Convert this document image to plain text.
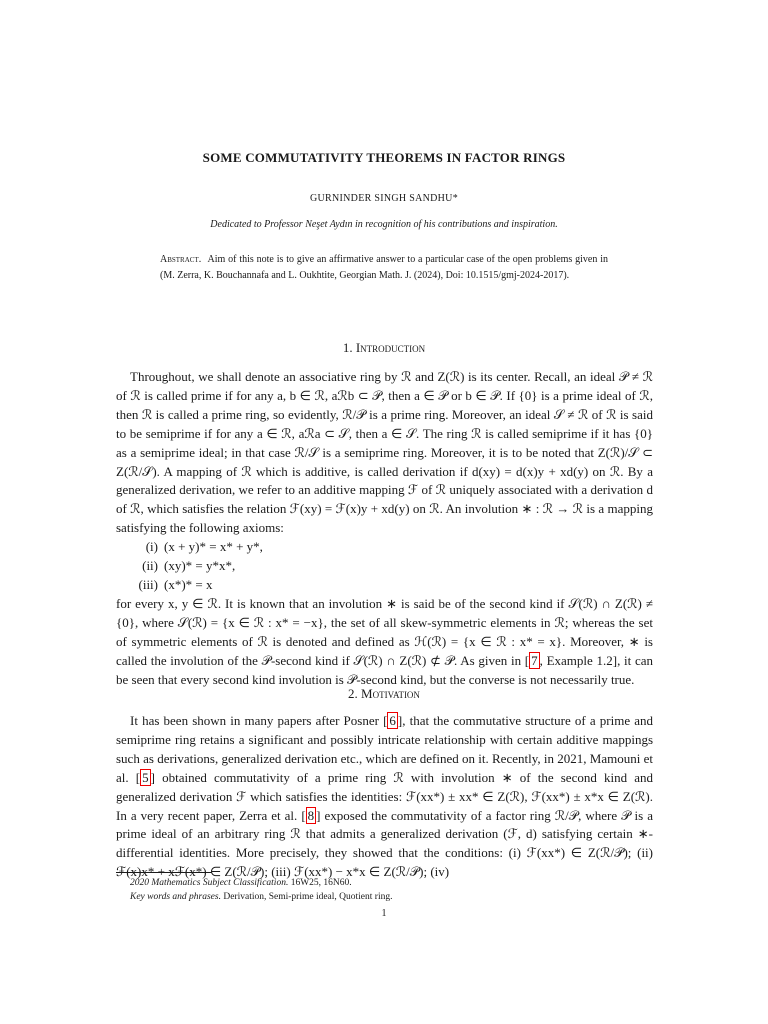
SOME COMMUTATIVITY THEOREMS IN FACTOR RINGS
GURNINDER SINGH SANDHU*
Dedicated to Professor Neşet Aydın in recognition of his contributions and inspiration.
Abstract. Aim of this note is to give an affirmative answer to a particular case of the open problems given in (M. Zerra, K. Bouchannafa and L. Oukhtite, Georgian Math. J. (2024), Doi: 10.1515/gmj-2024-2017).
1. Introduction

Throughout, we shall denote an associative ring by ℛ and Z(ℛ) is its center. Recall, an ideal 𝒫 ≠ ℛ of ℛ is called prime if for any a, b ∈ ℛ, aℛb ⊂ 𝒫, then a ∈ 𝒫 or b ∈ 𝒫. If {0} is a prime ideal of ℛ, then ℛ is called a prime ring, so evidently, ℛ/𝒫 is a prime ring. Moreover, an ideal 𝒮 ≠ ℛ of ℛ is said to be semiprime if for any a ∈ ℛ, aℛa ⊂ 𝒮, then a ∈ 𝒮. The ring ℛ is called semiprime if it has {0} as a semiprime ideal; in that case ℛ/𝒮 is a semiprime ring. Moreover, it is to be noted that Z(ℛ)/𝒮 ⊂ Z(ℛ/𝒮). A mapping of ℛ which is additive, is called derivation if d(xy) = d(x)y + xd(y) on ℛ. By a generalized derivation, we refer to an additive mapping ℱ of ℛ uniquely associated with a derivation d of ℛ, which satisfies the relation ℱ(xy) = ℱ(x)y + xd(y) on ℛ. An involution ∗ : ℛ → ℛ is a mapping satisfying the following axioms:

(i) (x + y)* = x* + y*,
(ii) (xy)* = y*x*,
(iii) (x*)* = x

for every x, y ∈ ℛ. It is known that an involution ∗ is said be of the second kind if 𝒮(ℛ) ∩ Z(ℛ) ≠ {0}, where 𝒮(ℛ) = {x ∈ ℛ : x* = −x}, the set of all skew-symmetric elements in ℛ; whereas the set of symmetric elements of ℛ is denoted and defined as ℋ(ℛ) = {x ∈ ℛ : x* = x}. Moreover, ∗ is called the involution of the 𝒫-second kind if 𝒮(ℛ) ∩ Z(ℛ) ⊄ 𝒫. As given in [ 7 , Example 1.2], it can be seen that every second kind involution is 𝒫-second kind, but the converse is not necessarily true.

2. Motivation

It has been shown in many papers after Posner [ 6 ], that the commutative structure of a prime and semiprime ring retains a significant and possibly intricate relationship with certain additive mappings such as derivations, generalized derivation etc., which are defined on it. Recently, in 2021, Mamouni et al. [ 5 ] obtained commutativity of a prime ring ℛ with involution ∗ of the second kind and generalized derivation ℱ which satisfies the identities: ℱ(xx*) ± xx* ∈ Z(ℛ), ℱ(xx*) ± x*x ∈ Z(ℛ). In a very recent paper, Zerra et al. [ 8 ] exposed the commutativity of a factor ring ℛ/𝒫, where 𝒫 is a prime ideal of an arbitrary ring ℛ that admits a generalized derivation (ℱ, d) satisfying certain ∗-differential identities. More precisely, they showed that the conditions: (i) ℱ(xx*) ∈ Z(ℛ/𝒫); (ii) ℱ(x)x* + xℱ(x*) ∈ Z(ℛ/𝒫); (iii) ℱ(xx*) − x*x ∈ Z(ℛ/𝒫); (iv)

2020 Mathematics Subject Classification. 16W25, 16N60.
Key words and phrases. Derivation, Semi-prime ideal, Quotient ring.
1
